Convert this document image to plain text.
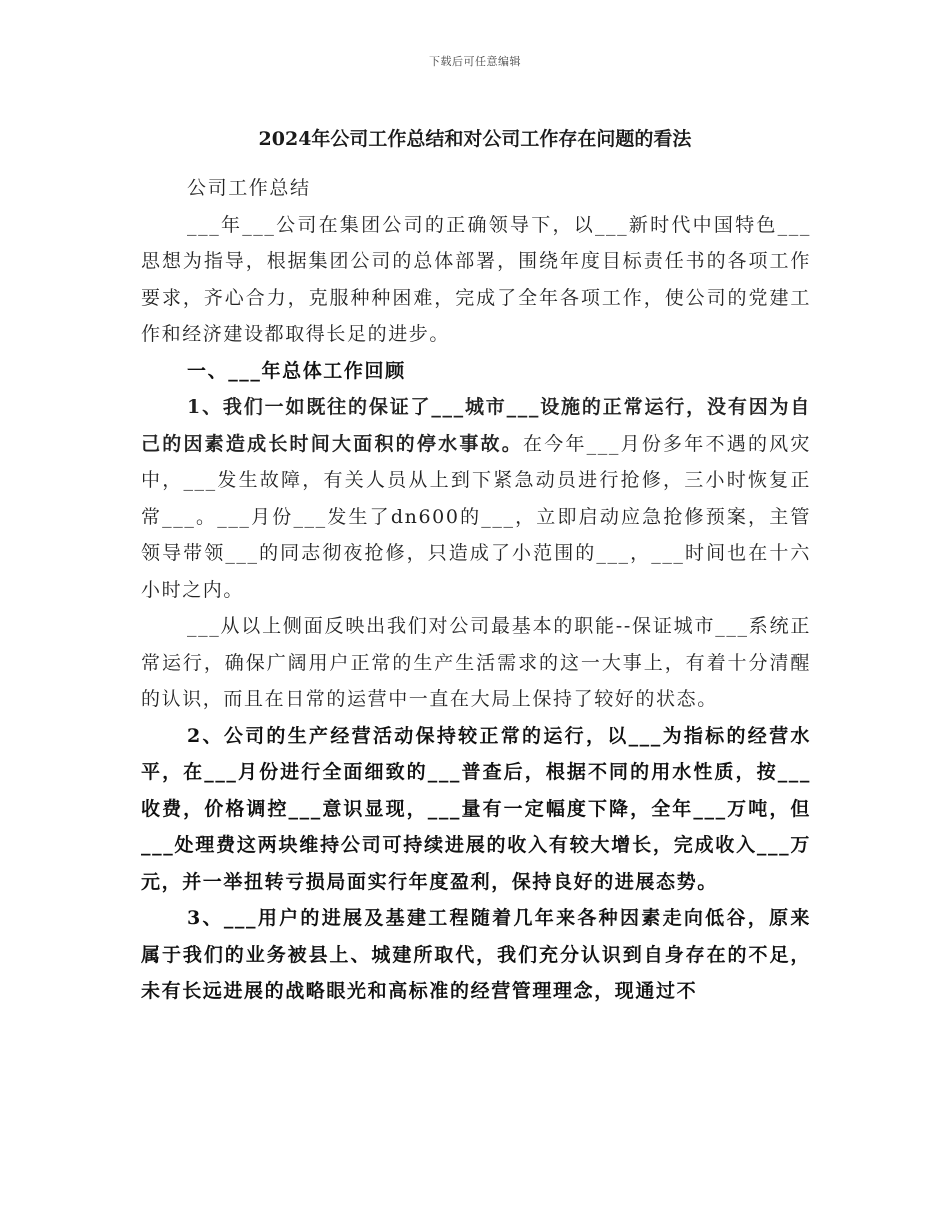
下载后可任意编辑
2024年公司工作总结和对公司工作存在问题的看法

公司工作总结

___年___公司在集团公司的正确领导下，以___新时代中国特色___思想为指导，根据集团公司的总体部署，围绕年度目标责任书的各项工作要求，齐心合力，克服种种困难，完成了全年各项工作，使公司的党建工作和经济建设都取得长足的进步。

一、___年总体工作回顾

1、我们一如既往的保证了___城市___设施的正常运行，没有因为自己的因素造成长时间大面积的停水事故。在今年___月份多年不遇的风灾中，___发生故障，有关人员从上到下紧急动员进行抢修，三小时恢复正常___。___月份___发生了dn600的___，立即启动应急抢修预案，主管领导带领___的同志彻夜抢修，只造成了小范围的___，___时间也在十六小时之内。

___从以上侧面反映出我们对公司最基本的职能--保证城市___系统正常运行，确保广阔用户正常的生产生活需求的这一大事上，有着十分清醒的认识，而且在日常的运营中一直在大局上保持了较好的状态。

2、公司的生产经营活动保持较正常的运行，以___为指标的经营水平，在___月份进行全面细致的___普查后，根据不同的用水性质，按___收费，价格调控___意识显现，___量有一定幅度下降，全年___万吨，但___处理费这两块维持公司可持续进展的收入有较大增长，完成收入___万元，并一举扭转亏损局面实行年度盈利，保持良好的进展态势。

3、___用户的进展及基建工程随着几年来各种因素走向低谷，原来属于我们的业务被县上、城建所取代，我们充分认识到自身存在的不足，未有长远进展的战略眼光和高标准的经营管理理念，现通过不
